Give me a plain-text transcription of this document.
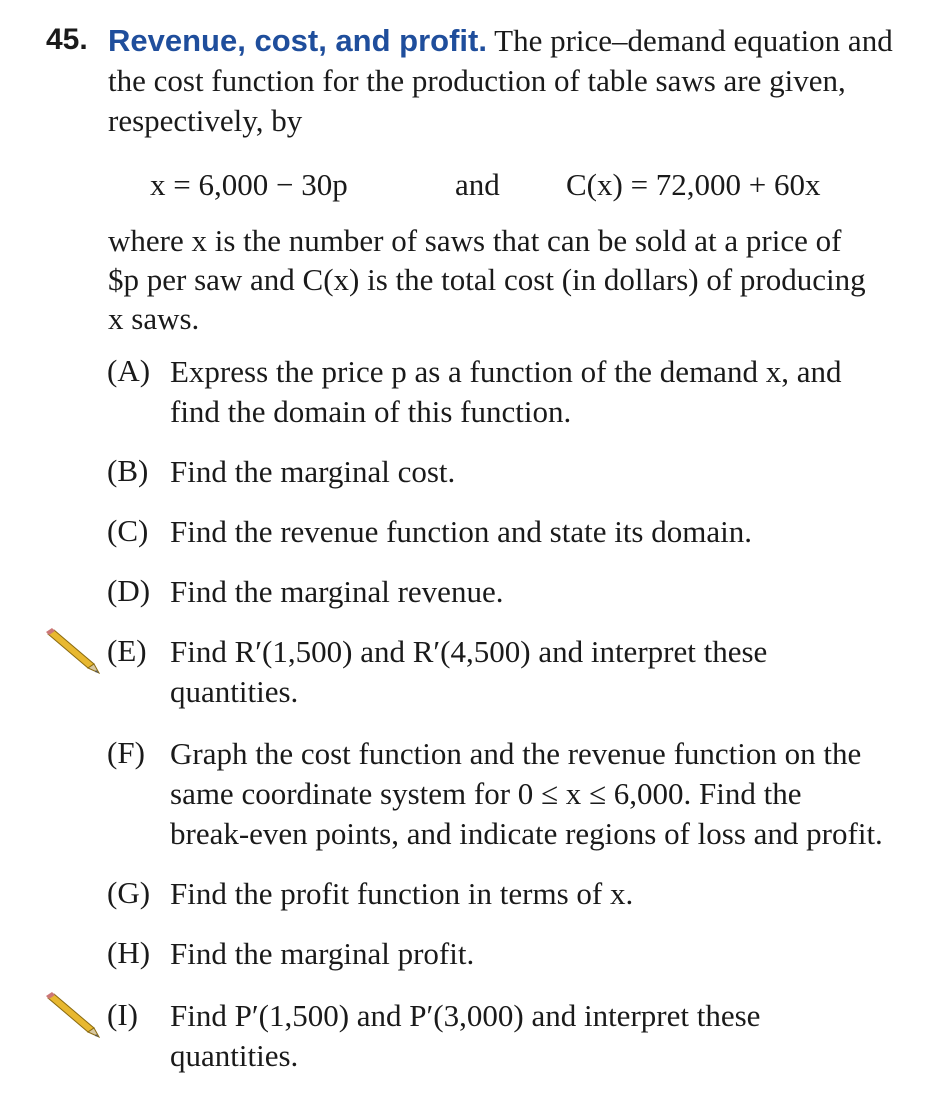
45. Revenue, cost, and profit. The price–demand equation and
the cost function for the production of table saws are given,
respectively, by
x = 6,000 − 30p	and C(x) = 72,000 + 60x
where x is the number of saws that can be sold at a price of
$p per saw and C(x) is the total cost (in dollars) of producing
x saws.
(A) Express the price p as a function of the demand x, and
find the domain of this function.
(B) Find the marginal cost.
(C) Find the revenue function and state its domain.
(D) Find the marginal revenue.
(E) Find R′(1,500) and R′(4,500) and interpret these
quantities.
(F) Graph the cost function and the revenue function on the
same coordinate system for 0 ≤ x ≤ 6,000. Find the
break-even points, and indicate regions of loss and profit.
(G) Find the profit function in terms of x.
(H) Find the marginal profit.
(I) Find P′(1,500) and P′(3,000) and interpret these
quantities.
